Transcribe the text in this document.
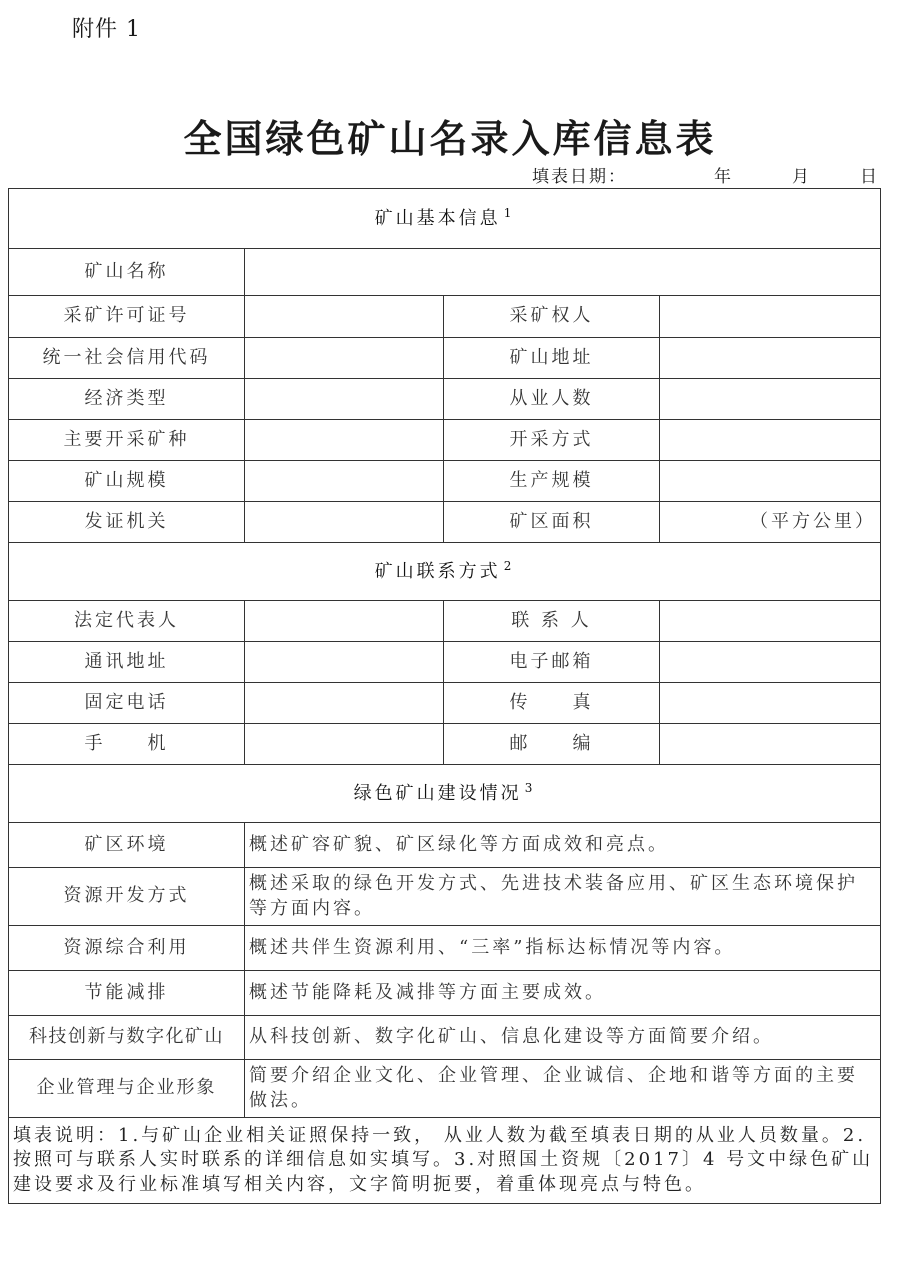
附件 1
全国绿色矿山名录入库信息表
填表日期：	年	月	日
矿山基本信息 $^1$
矿山名称			
采矿许可证号		采矿权人	
统一社会信用代码		矿山地址	
经济类型		从业人数	
主要开采矿种		开采方式	
矿山规模		生产规模	
发证机关		矿区面积	（平方公里）
矿山联系方式 $^2$
法定代表人		联 系 人	
通讯地址		电子邮箱	
固定电话		传　　真	
手　　机		邮　　编	
绿色矿山建设情况 $^3$
矿区环境	概述矿容矿貌、矿区绿化等方面成效和亮点。		
资源开发方式	概述采取的绿色开发方式、先进技术装备应用、矿区生态环境保护等方面内容。		
资源综合利用	概述共伴生资源利用、“三率”指标达标情况等内容。		
节能减排	概述节能降耗及减排等方面主要成效。		
科技创新与数字化矿山	从科技创新、数字化矿山、信息化建设等方面简要介绍。		
企业管理与企业形象	简要介绍企业文化、企业管理、企业诚信、企地和谐等方面的主要做法。		
填表说明：1.与矿山企业相关证照保持一致， 从业人数为截至填表日期的从业人员数量。2.按照可与联系人实时联系的详细信息如实填写。3.对照国土资规〔2017〕4 号文中绿色矿山建设要求及行业标准填写相关内容，文字简明扼要，着重体现亮点与特色。			
